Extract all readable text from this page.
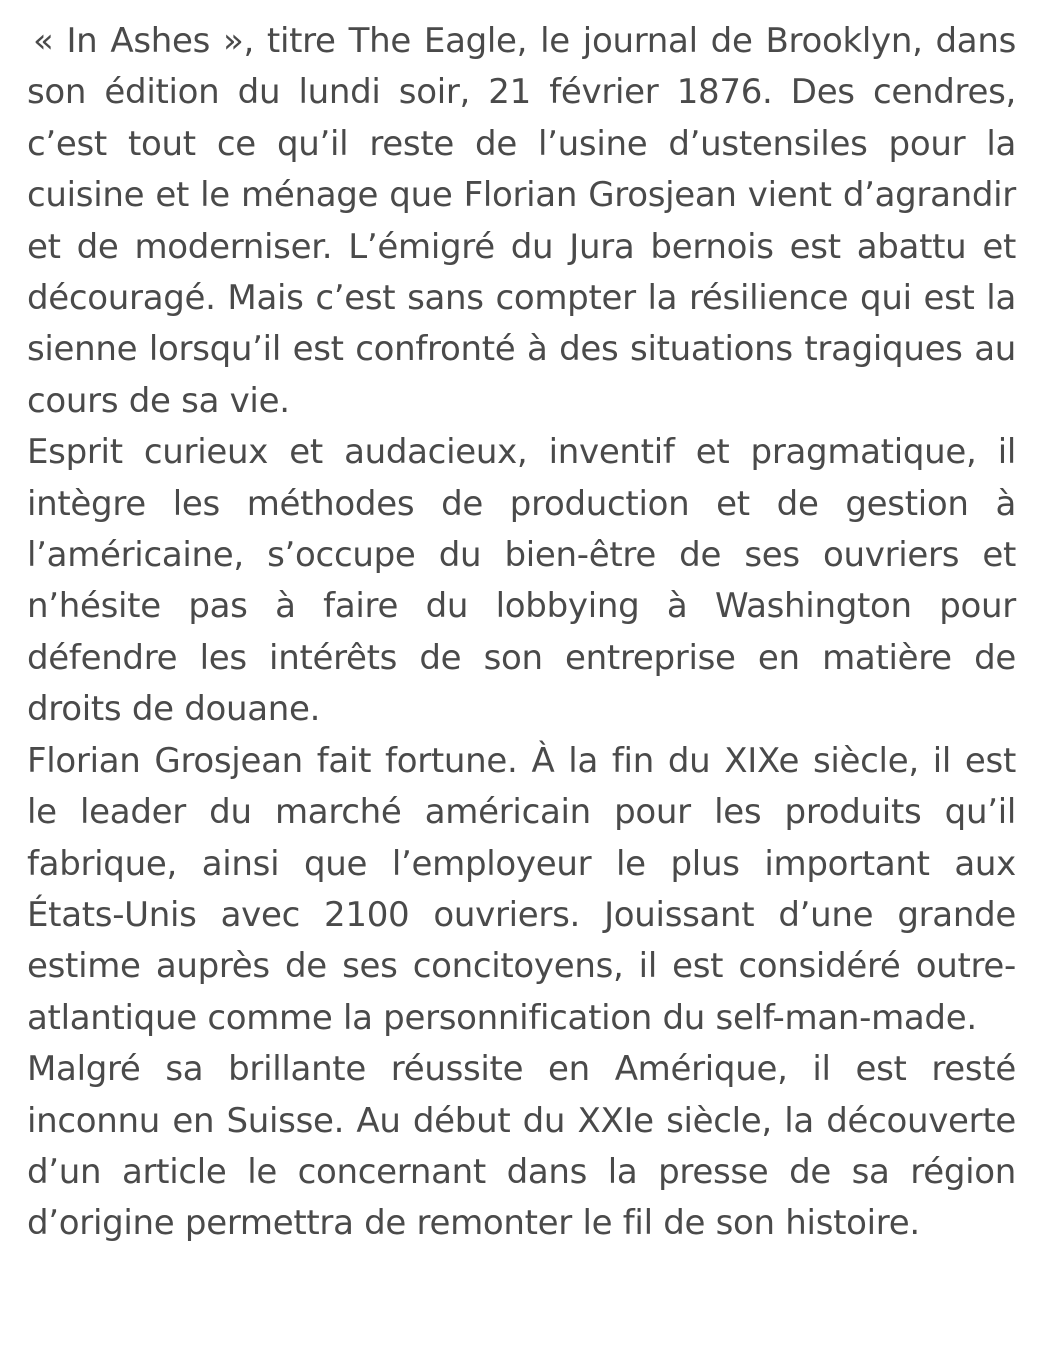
« In Ashes », titre The Eagle, le journal de Brooklyn, dans son édition du lundi soir, 21 février 1876. Des cendres, c’est tout ce qu’il reste de l’usine d’ustensiles pour la cuisine et le ménage que Florian Grosjean vient d’agrandir et de moderniser. L’émigré du Jura bernois est abattu et découragé. Mais c’est sans compter la résilience qui est la sienne lorsqu’il est confronté à des situations tragiques au cours de sa vie.

Esprit curieux et audacieux, inventif et pragmatique, il intègre les méthodes de production et de gestion à l’américaine, s’occupe du bien-être de ses ouvriers et n’hésite pas à faire du lobbying à Washington pour défendre les intérêts de son entreprise en matière de droits de douane.

Florian Grosjean fait fortune. À la fin du XIXe siècle, il est le leader du marché américain pour les produits qu’il fabrique, ainsi que l’employeur le plus important aux États-Unis avec 2100 ouvriers. Jouissant d’une grande estime auprès de ses concitoyens, il est considéré outre-atlantique comme la personnification du self-man-made.

Malgré sa brillante réussite en Amérique, il est resté inconnu en Suisse. Au début du XXIe siècle, la découverte d’un article le concernant dans la presse de sa région d’origine permettra de remonter le fil de son histoire.
